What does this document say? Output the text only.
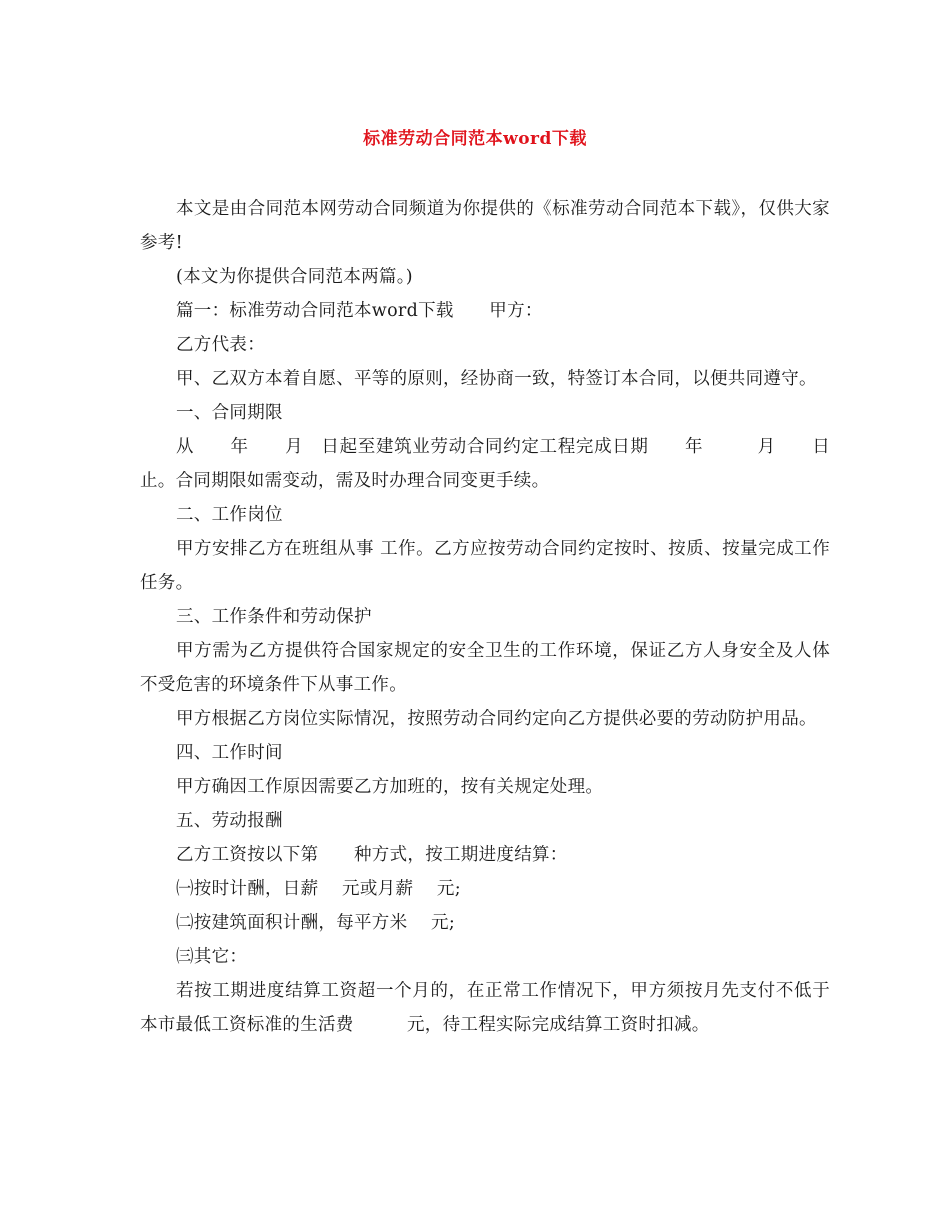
标准劳动合同范本word下载

本文是由合同范本网劳动合同频道为你提供的《标准劳动合同范本下载》，仅供大家参考!

(本文为你提供合同范本两篇。)

篇一：标准劳动合同范本word下载　　甲方：

乙方代表：

甲、乙双方本着自愿、平等的原则，经协商一致，特签订本合同，以便共同遵守。

一、合同期限

从　　年　　月　日起至建筑业劳动合同约定工程完成日期　　年　　　月　　日止。合同期限如需变动，需及时办理合同变更手续。

二、工作岗位

甲方安排乙方在班组从事 工作。乙方应按劳动合同约定按时、按质、按量完成工作任务。

三、工作条件和劳动保护

甲方需为乙方提供符合国家规定的安全卫生的工作环境，保证乙方人身安全及人体不受危害的环境条件下从事工作。

甲方根据乙方岗位实际情况，按照劳动合同约定向乙方提供必要的劳动防护用品。

四、工作时间

甲方确因工作原因需要乙方加班的，按有关规定处理。

五、劳动报酬

乙方工资按以下第　　种方式，按工期进度结算：

㈠按时计酬，日薪　 元或月薪　 元;

㈡按建筑面积计酬，每平方米　 元;

㈢其它：

若按工期进度结算工资超一个月的，在正常工作情况下，甲方须按月先支付不低于本市最低工资标准的生活费　　　元，待工程实际完成结算工资时扣减。
